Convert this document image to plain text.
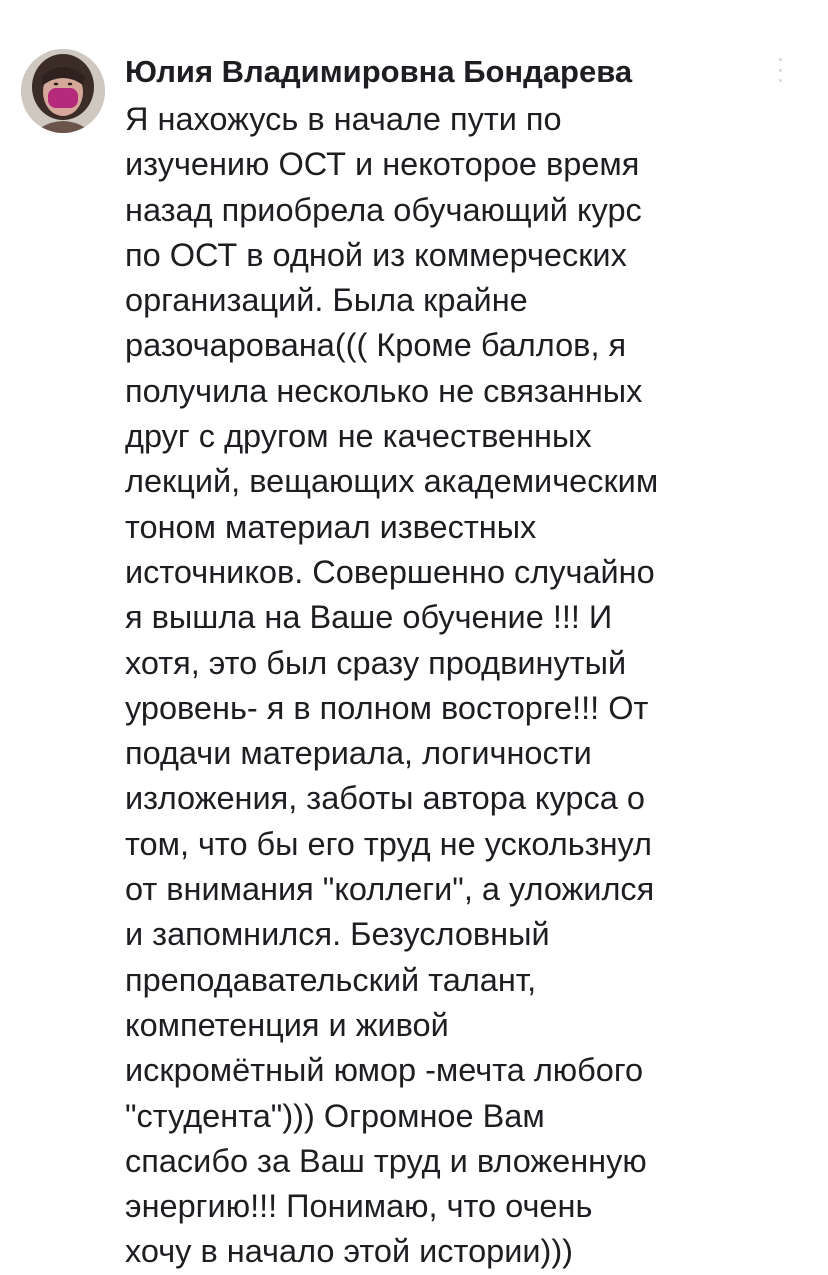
Юлия Владимировна Бондарева
Я нахожусь в начале пути по
изучению ОСТ и некоторое время
назад приобрела обучающий курс
по ОСТ в одной из коммерческих
организаций. Была крайне
разочарована((( Кроме баллов, я
получила несколько не связанных
друг с другом не качественных
лекций, вещающих академическим
тоном материал известных
источников. Совершенно случайно
я вышла на Ваше обучение !!! И
хотя, это был сразу продвинутый
уровень- я в полном восторге!!! От
подачи материала, логичности
изложения, заботы автора курса о
том, что бы его труд не ускользнул
от внимания "коллеги", а уложился
и запомнился. Безусловный
преподавательский талант,
компетенция и живой
искромётный юмор -мечта любого
"студента"))) Огромное Вам
спасибо за Ваш труд и вложенную
энергию!!! Понимаю, что очень
хочу в начало этой истории)))
